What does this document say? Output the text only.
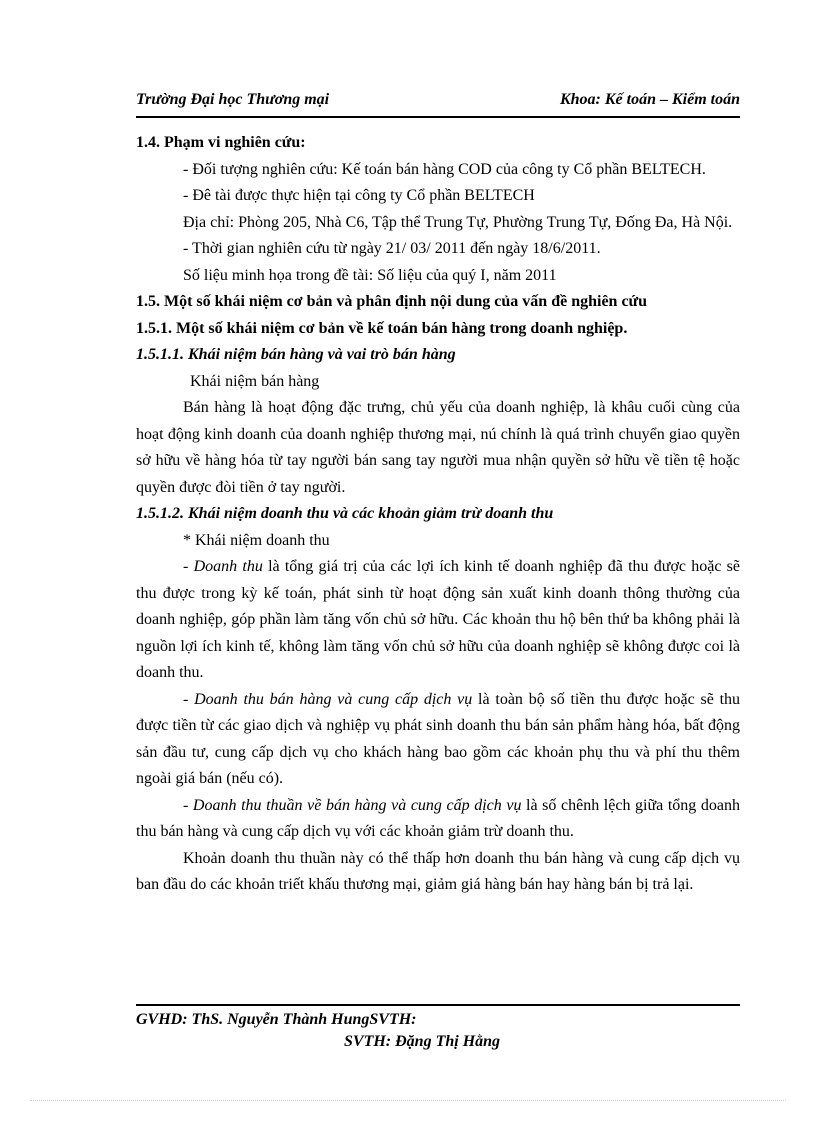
Trường Đại học Thương mại	Khoa: Kế toán – Kiểm toán

1.4. Phạm vi nghiên cứu:

- Đối tượng nghiên cứu: Kế toán bán hàng COD của công ty Cổ phần BELTECH.

- Đê tài được thực hiện tại công ty Cổ phần BELTECH

Địa chỉ: Phòng 205, Nhà C6, Tập thể Trung Tự, Phường Trung Tự, Đống Đa, Hà Nội.

- Thời gian nghiên cứu từ ngày 21/ 03/ 2011 đến ngày 18/6/2011.

Số liệu minh họa trong đề tài: Số liệu của quý I, năm 2011

1.5. Một số khái niệm cơ bản và phân định nội dung của vấn đề nghiên cứu

1.5.1. Một số khái niệm cơ bản về kế toán bán hàng trong doanh nghiệp.

1.5.1.1. Khái niệm bán hàng và vai trò bán hàng

Khái niệm bán hàng

Bán hàng là hoạt động đặc trưng, chủ yếu của doanh nghiệp, là khâu cuối cùng của hoạt động kinh doanh của doanh nghiệp thương mại, nú chính là quá trình chuyển giao quyền sở hữu về hàng hóa từ tay người bán sang tay người mua nhận quyền sở hữu về tiền tệ hoặc quyền được đòi tiền ở tay người.

1.5.1.2. Khái niệm doanh thu và các khoản giảm trừ doanh thu

* Khái niệm doanh thu

- Doanh thu là tổng giá trị của các lợi ích kinh tế doanh nghiệp đã thu được hoặc sẽ thu được trong kỳ kế toán, phát sinh từ hoạt động sản xuất kinh doanh thông thường của doanh nghiệp, góp phần làm tăng vốn chủ sở hữu. Các khoản thu hộ bên thứ ba không phải là nguồn lợi ích kinh tế, không làm tăng vốn chủ sở hữu của doanh nghiệp sẽ không được coi là doanh thu.

- Doanh thu bán hàng và cung cấp dịch vụ là toàn bộ số tiền thu được hoặc sẽ thu được tiền từ các giao dịch và nghiệp vụ phát sinh doanh thu bán sản phẩm hàng hóa, bất động sản đầu tư, cung cấp dịch vụ cho khách hàng bao gồm các khoản phụ thu và phí thu thêm ngoài giá bán (nếu có).

- Doanh thu thuần về bán hàng và cung cấp dịch vụ là số chênh lệch giữa tổng doanh thu bán hàng và cung cấp dịch vụ với các khoản giảm trừ doanh thu.

Khoản doanh thu thuần này có thể thấp hơn doanh thu bán hàng và cung cấp dịch vụ ban đầu do các khoản triết khấu thương mại, giảm giá hàng bán hay hàng bán bị trả lại.

GVHD: ThS. Nguyễn Thành HungSVTH:
SVTH: Đặng Thị Hằng
